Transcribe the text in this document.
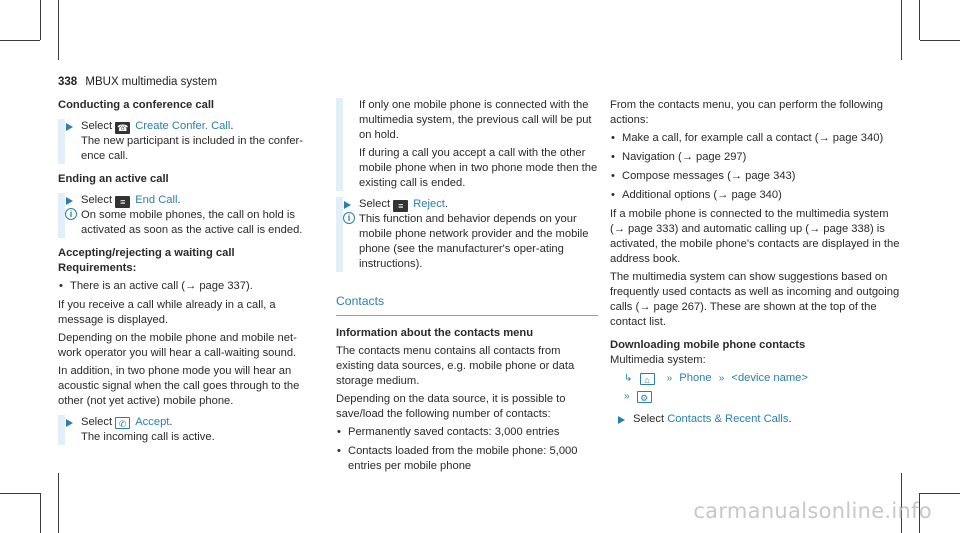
338 MBUX multimedia system
Conducting a conference call
Select ☎ Create Confer. Call.
The new participant is included in the confer-ence call.
Ending an active call
Select ≡ End Call.
i On some mobile phones, the call on hold is activated as soon as the active call is ended.
Accepting/rejecting a waiting call
Requirements:
• There is an active call (→ page 337).
If you receive a call while already in a call, a message is displayed.
Depending on the mobile phone and mobile net-work operator you will hear a call-waiting sound.
In addition, in two phone mode you will hear an acoustic signal when the call goes through to the other (not yet active) mobile phone.
Select ✆ Accept.
The incoming call is active.
If only one mobile phone is connected with the multimedia system, the previous call will be put on hold.
If during a call you accept a call with the other mobile phone when in two phone mode then the existing call is ended.
Select ≡ Reject.
i This function and behavior depends on your mobile phone network provider and the mobile phone (see the manufacturer's oper-ating instructions).
Contacts
Information about the contacts menu
The contacts menu contains all contacts from existing data sources, e.g. mobile phone or data storage medium.
Depending on the data source, it is possible to save/load the following number of contacts:
• Permanently saved contacts: 3,000 entries
• Contacts loaded from the mobile phone: 5,000 entries per mobile phone
From the contacts menu, you can perform the following actions:
• Make a call, for example call a contact (→ page 340)
• Navigation (→ page 297)
• Compose messages (→ page 343)
• Additional options (→ page 340)
If a mobile phone is connected to the multimedia system (→ page 333) and automatic calling up (→ page 338) is activated, the mobile phone's contacts are displayed in the address book.
The multimedia system can show suggestions based on frequently used contacts as well as incoming and outgoing calls (→ page 267). These are shown at the top of the contact list.
Downloading mobile phone contacts
Multimedia system:
↳ ⌂ » Phone » <device name>
» ⚙
Select Contacts & Recent Calls.
carmanualsonline.info
